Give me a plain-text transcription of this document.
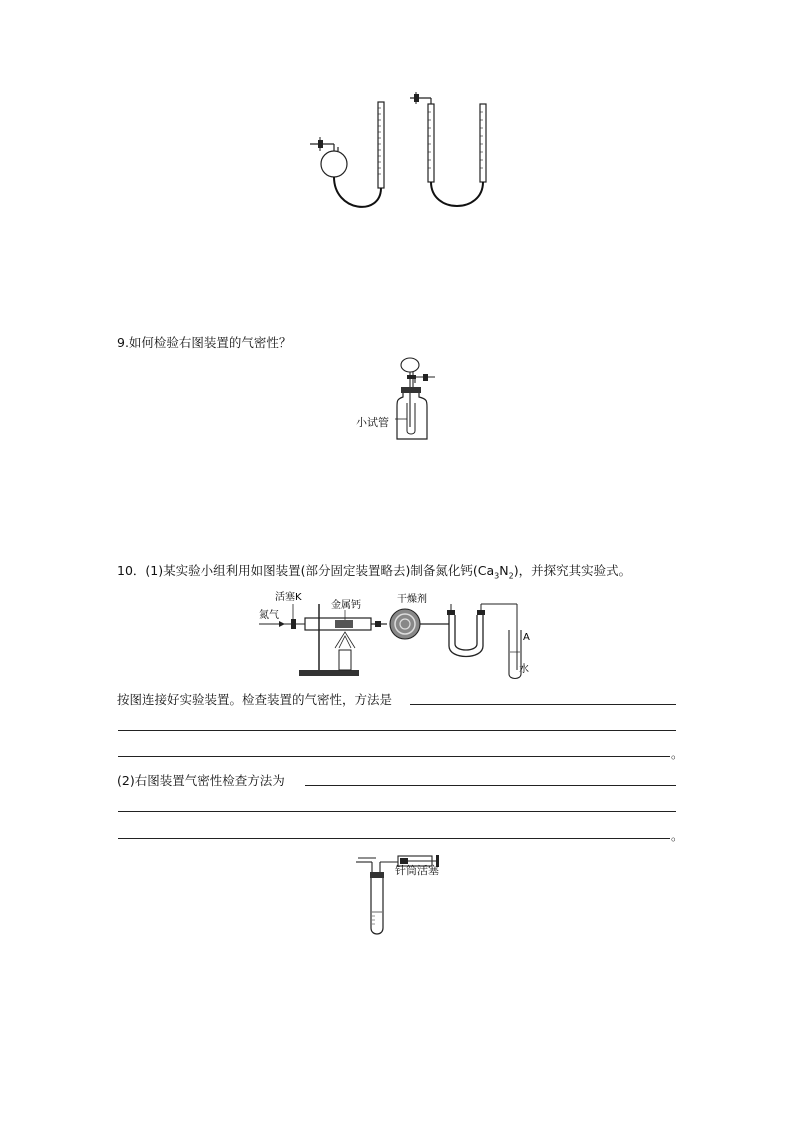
9.如何检验右图装置的气密性？
小试管
10．(1)某实验小组利用如图装置(部分固定装置略去)制备氮化钙$(Ca_3N_2)$，并探究其实验式。
活塞K
氮气
金属钙
干燥剂
A
水
按图连接好实验装置。检查装置的气密性，方法是
。
(2)右图装置气密性检查方法为
。
针筒活塞
